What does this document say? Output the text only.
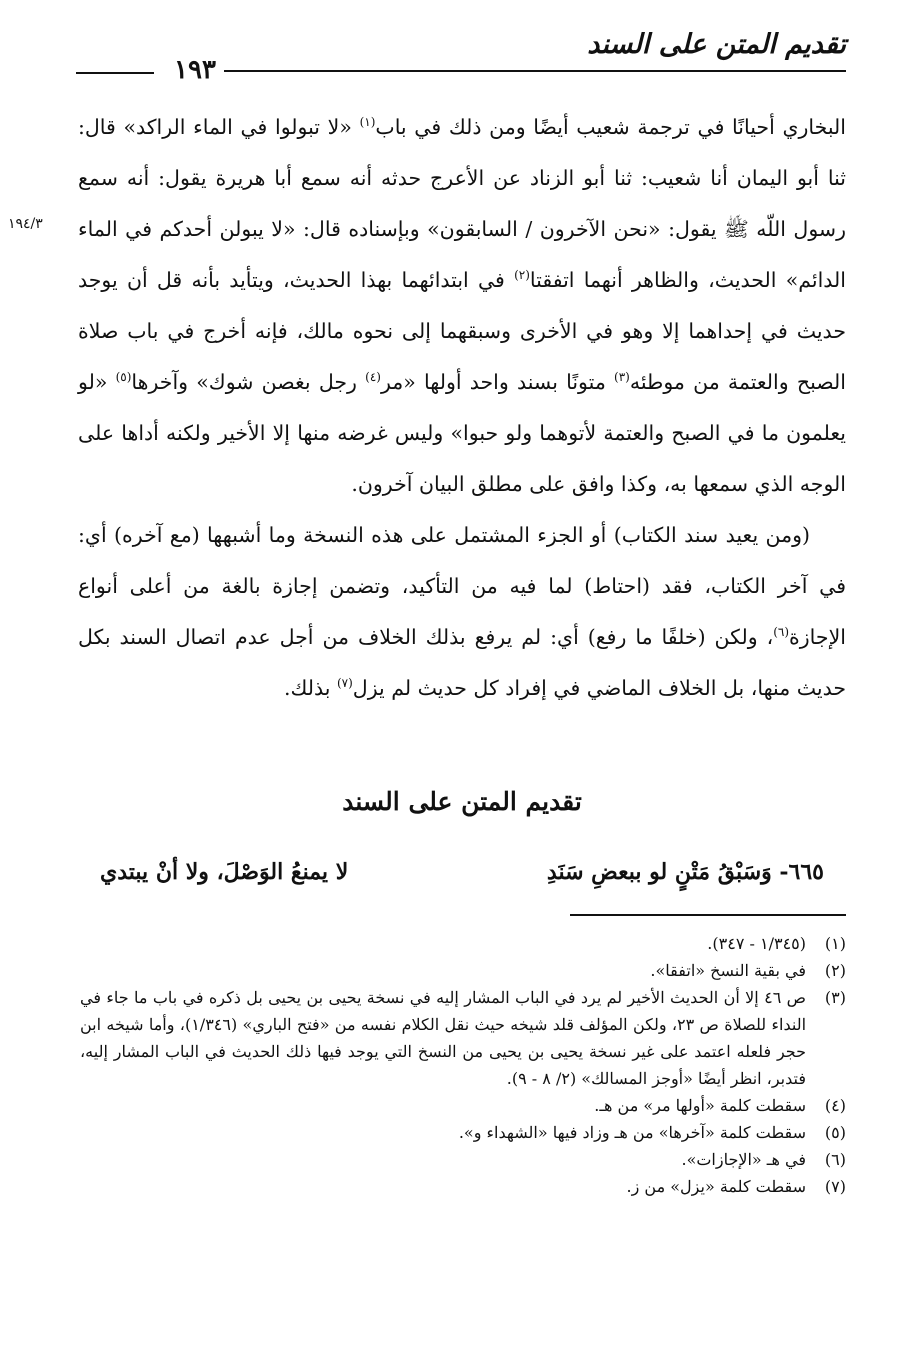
تقديم المتن على السند
١٩٣
١٩٤/٣

البخاري أحيانًا في ترجمة شعيب أيضًا ومن ذلك في باب$^{(١)}$ «لا تبولوا في الماء الراكد» قال: ثنا أبو اليمان أنا شعيب: ثنا أبو الزناد عن الأعرج حدثه أنه سمع أبا هريرة يقول: أنه سمع رسول اللّه ﷺ يقول: «نحن الآخرون / السابقون» وبإسناده قال: «لا يبولن أحدكم في الماء الدائم» الحديث، والظاهر أنهما اتفقتا$^{(٢)}$ في ابتدائهما بهذا الحديث، ويتأيد بأنه قل أن يوجد حديث في إحداهما إلا وهو في الأخرى وسبقهما إلى نحوه مالك، فإنه أخرج في باب صلاة الصبح والعتمة من موطئه$^{(٣)}$ متونًا بسند واحد أولها «مر$^{(٤)}$ رجل بغصن شوك» وآخرها$^{(٥)}$ «لو يعلمون ما في الصبح والعتمة لأتوهما ولو حبوا» وليس غرضه منها إلا الأخير ولكنه أداها على الوجه الذي سمعها به، وكذا وافق على مطلق البيان آخرون.

(ومن يعيد سند الكتاب) أو الجزء المشتمل على هذه النسخة وما أشبهها (مع آخره) أي: في آخر الكتاب، فقد (احتاط) لما فيه من التأكيد، وتضمن إجازة بالغة من أعلى أنواع الإجازة$^{(٦)}$، ولكن (خلفًا ما رفع) أي: لم يرفع بذلك الخلاف من أجل عدم اتصال السند بكل حديث منها، بل الخلاف الماضي في إفراد كل حديث لم يزل$^{(٧)}$ بذلك.

تقديم المتن على السند
٦٦٥- وَسَبْقُ مَتْنٍ لو ببعضِ سَنَدِ
لا يمنعُ الوَصْلَ، ولا أنْ يبتدي

(١)(١/٣٤٥ - ٣٤٧).

(٢)في بقية النسخ «اتفقا».

(٣)ص ٤٦ إلا أن الحديث الأخير لم يرد في الباب المشار إليه في نسخة يحيى بن يحيى بل ذكره في باب ما جاء في النداء للصلاة ص ٢٣، ولكن المؤلف قلد شيخه حيث نقل الكلام نفسه من «فتح الباري» (١/٣٤٦)، وأما شيخه ابن حجر فلعله اعتمد على غير نسخة يحيى بن يحيى من النسخ التي يوجد فيها ذلك الحديث في الباب المشار إليه، فتدبر، انظر أيضًا «أوجز المسالك» (٢/ ٨ - ٩).

(٤)سقطت كلمة «أولها مر» من هـ.

(٥)سقطت كلمة «آخرها» من هـ وزاد فيها «الشهداء و».

(٦)في هـ «الإجازات».

(٧)سقطت كلمة «يزل» من ز.
